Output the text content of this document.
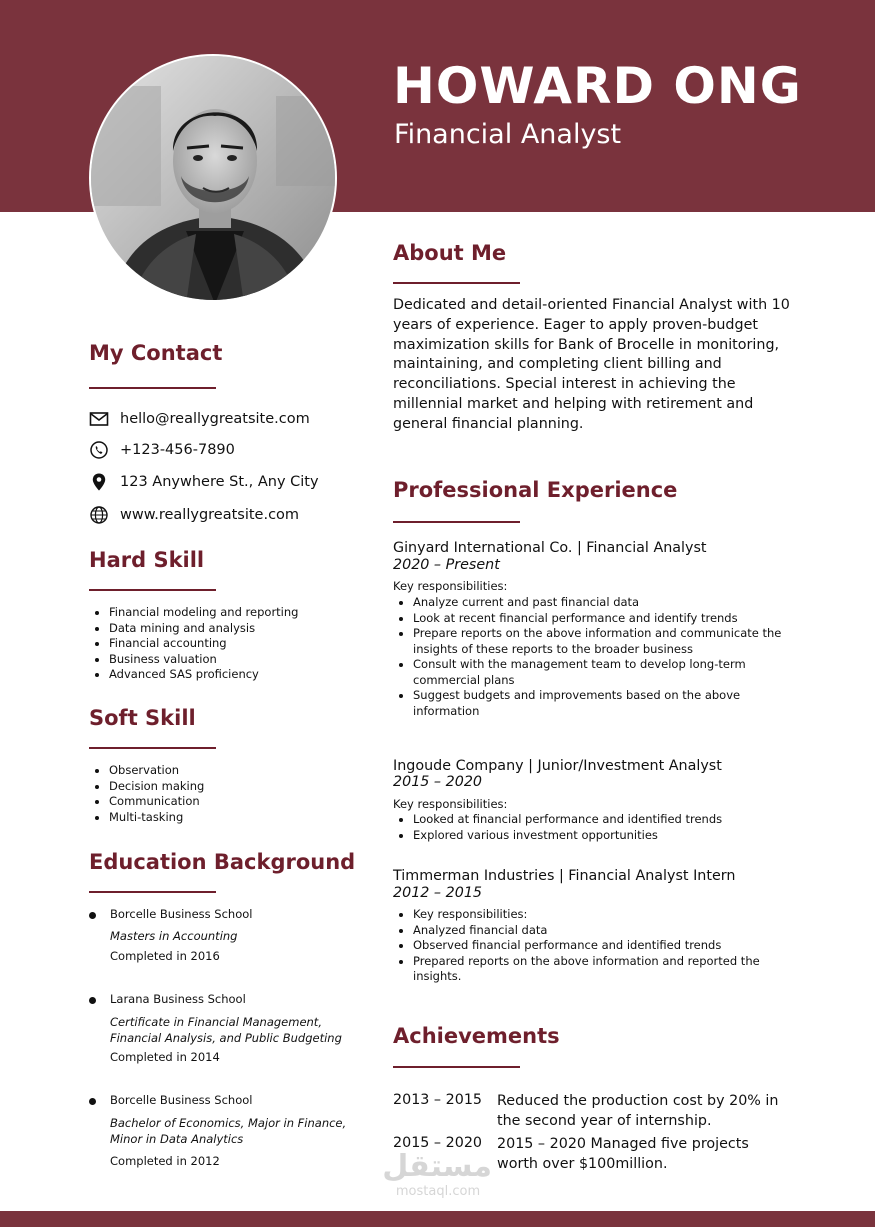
HOWARD ONG
Financial Analyst
My Contact
hello@reallygreatsite.com
+123-456-7890
123 Anywhere St., Any City
www.reallygreatsite.com
Hard Skill
Financial modeling and reporting
Data mining and analysis
Financial accounting
Business valuation
Advanced SAS proficiency
Soft Skill
Observation
Decision making
Communication
Multi-tasking
Education Background
Borcelle Business School
Masters in Accounting
Completed in 2016
Larana Business School
Certificate in Financial Management,
Financial Analysis, and Public Budgeting
Completed in 2014
Borcelle Business School
Bachelor of Economics, Major in Finance,
Minor in Data Analytics
Completed in 2012
About Me

Dedicated and detail-oriented Financial Analyst with 10

years of experience. Eager to apply proven-budget

maximization skills for Bank of Brocelle in monitoring,

maintaining, and completing client billing and

reconciliations. Special interest in achieving the

millennial market and helping with retirement and

general financial planning.

Professional Experience
Ginyard International Co. | Financial Analyst
2020 – Present
Key responsibilities:
Analyze current and past financial data
Look at recent financial performance and identify trends
Prepare reports on the above information and communicate the
insights of these reports to the broader business
Consult with the management team to develop long-term
commercial plans
Suggest budgets and improvements based on the above
information
Ingoude Company | Junior/Investment Analyst
2015 – 2020
Key responsibilities:
Looked at financial performance and identified trends
Explored various investment opportunities
Timmerman Industries | Financial Analyst Intern
2012 – 2015
Key responsibilities:
Analyzed financial data
Observed financial performance and identified trends
Prepared reports on the above information and reported the
insights.
Achievements
2013 – 2015 Reduced the production cost by 20% in

the second year of internship.

2015 – 2020 2015 – 2020 Managed five projects

worth over $100million.

مستقل
mostaql.com
